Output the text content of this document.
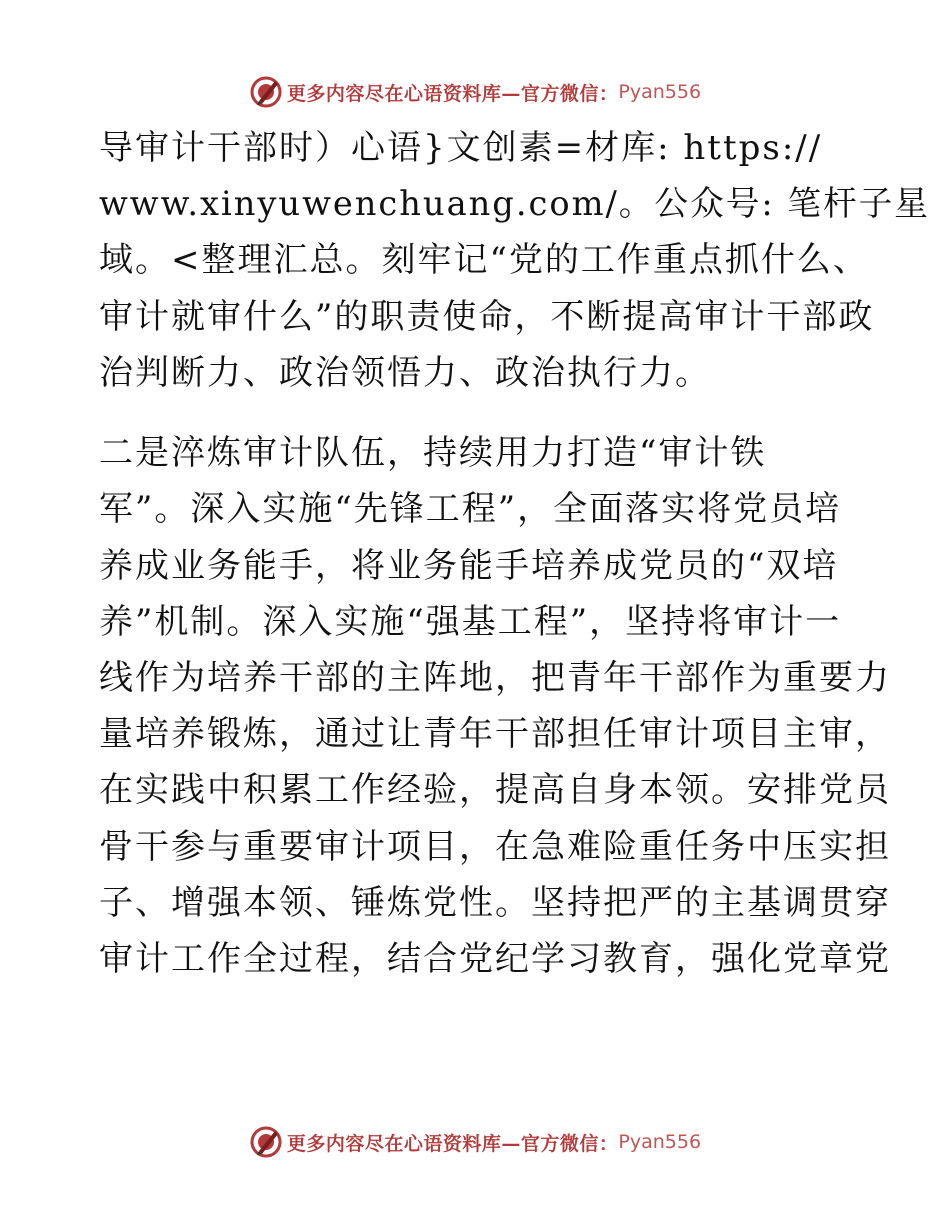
更多内容尽在心语资料库—官方微信： Pyan556
导审计干部时）心语}文创素=材库: https://
www.xinyuwenchuang.com/。公众号: 笔杆子星
域。<整理汇总。刻牢记“党的工作重点抓什么、
审计就审什么”的职责使命，不断提高审计干部政
治判断力、政治领悟力、政治执行力。
二是淬炼审计队伍，持续用力打造“审计铁
军”。深入实施“先锋工程”，全面落实将党员培
养成业务能手，将业务能手培养成党员的“双培
养”机制。深入实施“强基工程”，坚持将审计一
线作为培养干部的主阵地，把青年干部作为重要力
量培养锻炼，通过让青年干部担任审计项目主审，
在实践中积累工作经验，提高自身本领。安排党员
骨干参与重要审计项目，在急难险重任务中压实担
子、增强本领、锤炼党性。坚持把严的主基调贯穿
审计工作全过程，结合党纪学习教育，强化党章党
更多内容尽在心语资料库—官方微信： Pyan556
